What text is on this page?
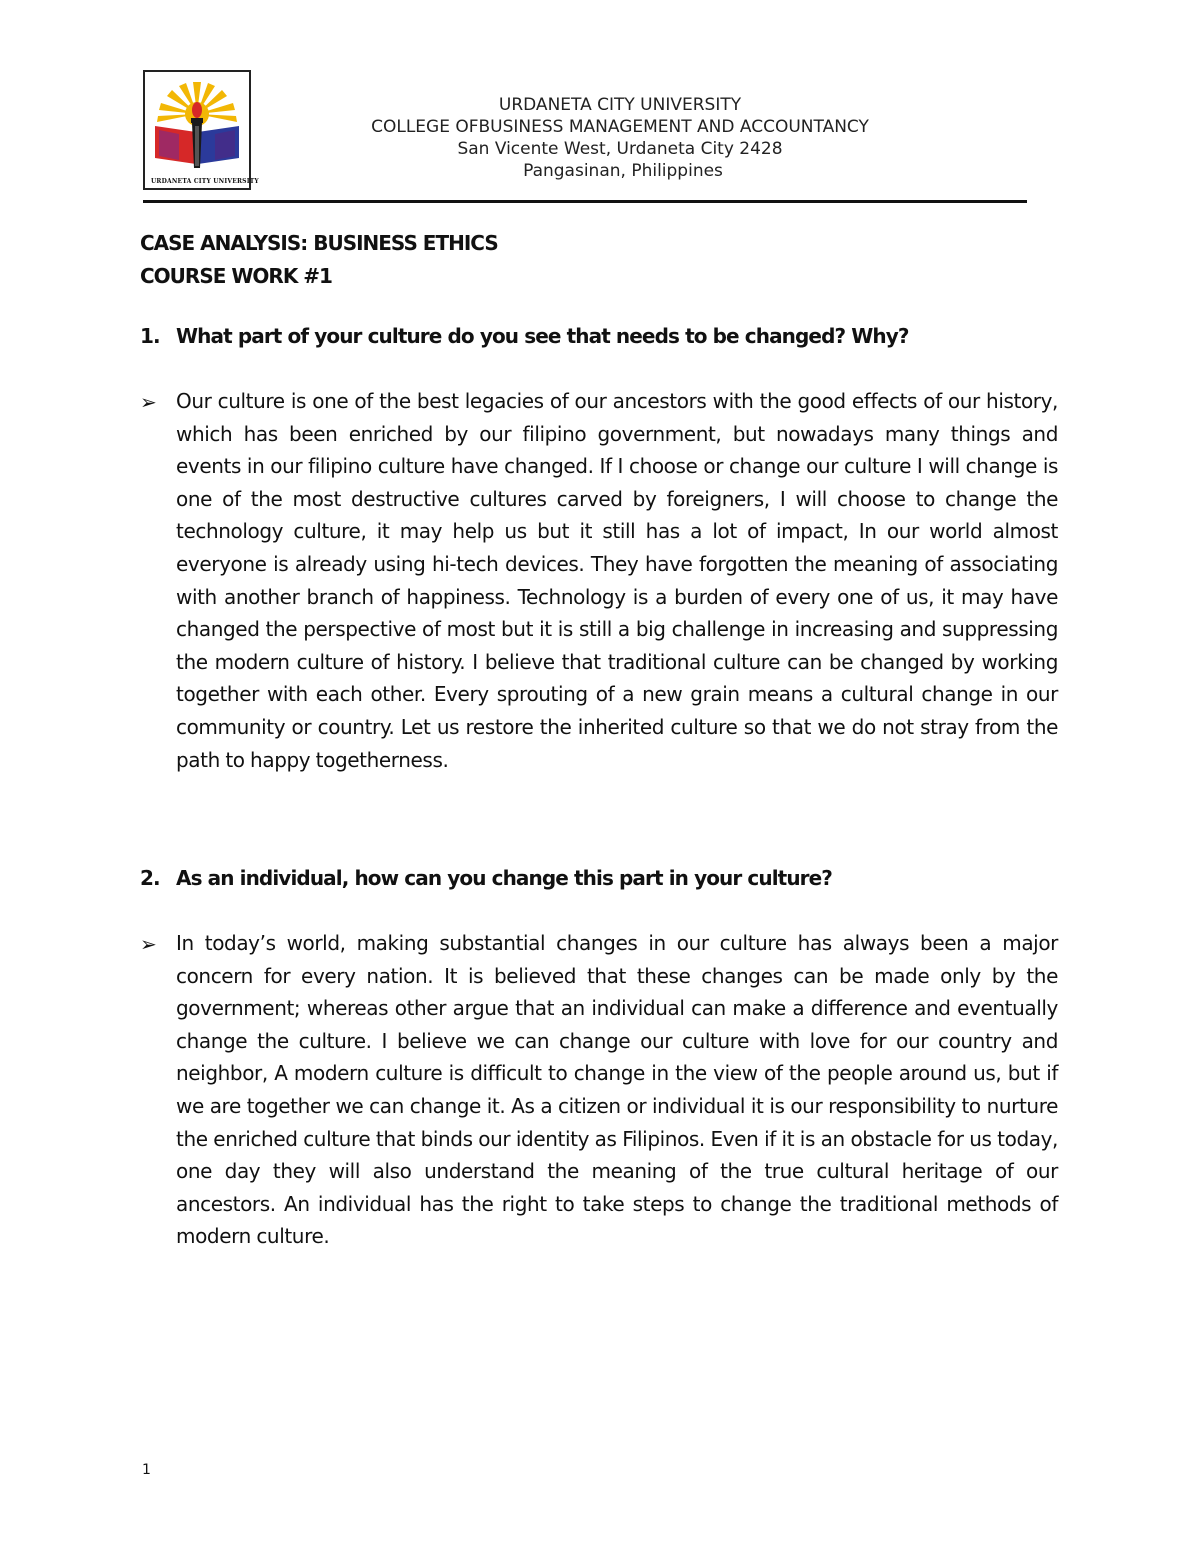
URDANETA CITY UNIVERSITY
URDANETA CITY UNIVERSITY
COLLEGE OFBUSINESS MANAGEMENT AND ACCOUNTANCY
San Vicente West, Urdaneta City 2428
Pangasinan, Philippines
CASE ANALYSIS: BUSINESS ETHICS
COURSE WORK #1
1. What part of your culture do you see that needs to be changed? Why?
➢ Our culture is one of the best legacies of our ancestors with the good effects of our history, which has been enriched by our filipino government, but nowadays many things and events in our filipino culture have changed. If I choose or change our culture I will change is one of the most destructive cultures carved by foreigners, I will choose to change the technology culture, it may help us but it still has a lot of impact, In our world almost everyone is already using hi-tech devices. They have forgotten the meaning of associating with another branch of happiness. Technology is a burden of every one of us, it may have changed the perspective of most but it is still a big challenge in increasing and suppressing the modern culture of history. I believe that traditional culture can be changed by working together with each other. Every sprouting of a new grain means a cultural change in our community or country. Let us restore the inherited culture so that we do not stray from the path to happy togetherness.
2. As an individual, how can you change this part in your culture?
➢ In today’s world, making substantial changes in our culture has always been a major concern for every nation. It is believed that these changes can be made only by the government; whereas other argue that an individual can make a difference and eventually change the culture. I believe we can change our culture with love for our country and neighbor, A modern culture is difficult to change in the view of the people around us, but if we are together we can change it. As a citizen or individual it is our responsibility to nurture the enriched culture that binds our identity as Filipinos. Even if it is an obstacle for us today, one day they will also understand the meaning of the true cultural heritage of our ancestors. An individual has the right to take steps to change the traditional methods of modern culture.
1
